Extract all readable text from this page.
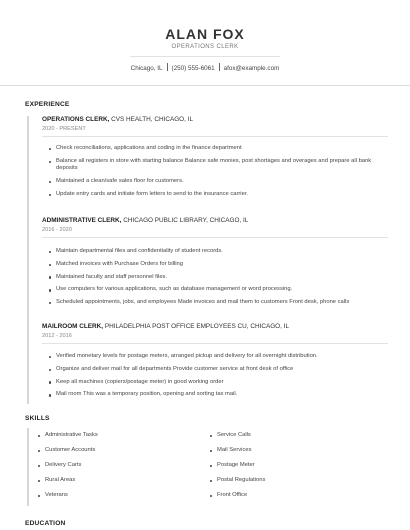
ALAN FOX
OPERATIONS CLERK
Chicago, IL (250) 555-6061 afox@example.com
EXPERIENCE
OPERATIONS CLERK, CVS HEALTH, CHICAGO, IL
2020 - PRESENT
Check reconciliations, applications and coding in the finance department
Balance all registers in store with starting balance Balance safe monies, post shortages and overages and prepare all bank deposits
Maintained a clean/safe sales floor for customers.
Update entry cards and initiate form letters to send to the insurance carrier.
ADMINISTRATIVE CLERK, CHICAGO PUBLIC LIBRARY, CHICAGO, IL
2016 - 2020
Maintain departmental files and confidentiality of student records.
Matched invoices with Purchase Orders for billing
Maintained faculty and staff personnel files.
Use computers for various applications, such as database management or word processing.
Scheduled appointments, jobs, and employees Made invoices and mail them to customers Front desk, phone calls
MAILROOM CLERK, PHILADELPHIA POST OFFICE EMPLOYEES CU, CHICAGO, IL
2012 - 2016
Verified monetary levels for postage meters, arranged pickup and delivery for all overnight distribution.
Organize and deliver mail for all departments Provide customer service at front desk of office
Keep all machines (copiers/postage meter) in good working order
Mail room This was a temporary position, opening and sorting tax mail.
SKILLS
Administrative Tasks
Customer Accounts
Delivery Carts
Rural Areas
Veterans
Service Calls
Mail Services
Postage Meter
Postal Regulations
Front Office
EDUCATION
